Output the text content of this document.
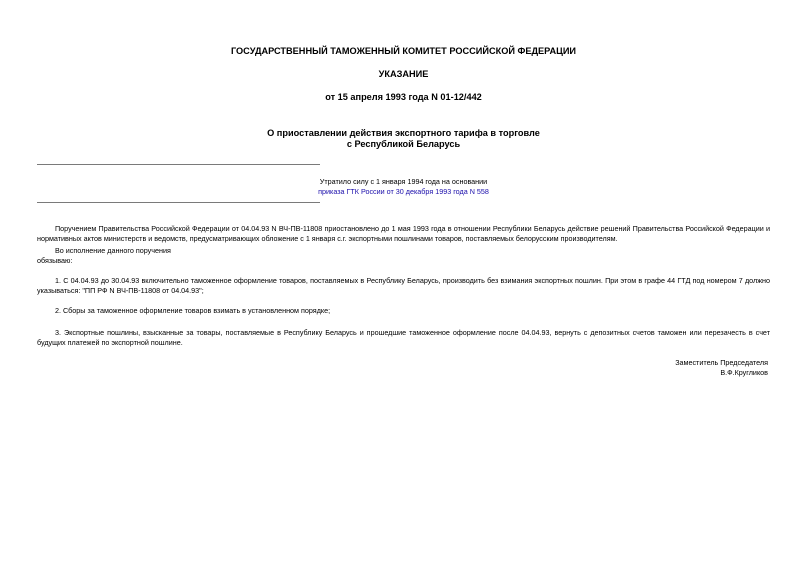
ГОСУДАРСТВЕННЫЙ ТАМОЖЕННЫЙ КОМИТЕТ РОССИЙСКОЙ ФЕДЕРАЦИИ
УКАЗАНИЕ
от 15 апреля 1993 года N 01-12/442
О приоставлении действия экспортного тарифа в торговле
с Республикой Беларусь
Утратило силу с 1 января 1994 года на основании
приказа ГТК России от 30 декабря 1993 года N 558

Поручением Правительства Российской Федерации от 04.04.93 N ВЧ-ПВ-11808 приостановлено до 1 мая 1993 года в отношении Республики Беларусь действие решений Правительства Российской Федерации и нормативных актов министерств и ведомств, предусматривающих обложение с 1 января с.г. экспортными пошлинами товаров, поставляемых белорусским производителям.

Во исполнение данного поручения

обязываю:

1. С 04.04.93 до 30.04.93 включительно таможенное оформление товаров, поставляемых в Республику Беларусь, производить без взимания экспортных пошлин. При этом в графе 44 ГТД под номером 7 должно указываться: "ПП РФ N ВЧ-ПВ-11808 от 04.04.93";

2. Сборы за таможенное оформление товаров взимать в установленном порядке;

3. Экспортные пошлины, взысканные за товары, поставляемые в Республику Беларусь и прошедшие таможенное оформление после 04.04.93, вернуть с депозитных счетов таможен или перезачесть в счет будущих платежей по экспортной пошлине.

Заместитель Председателя
В.Ф.Кругликов
